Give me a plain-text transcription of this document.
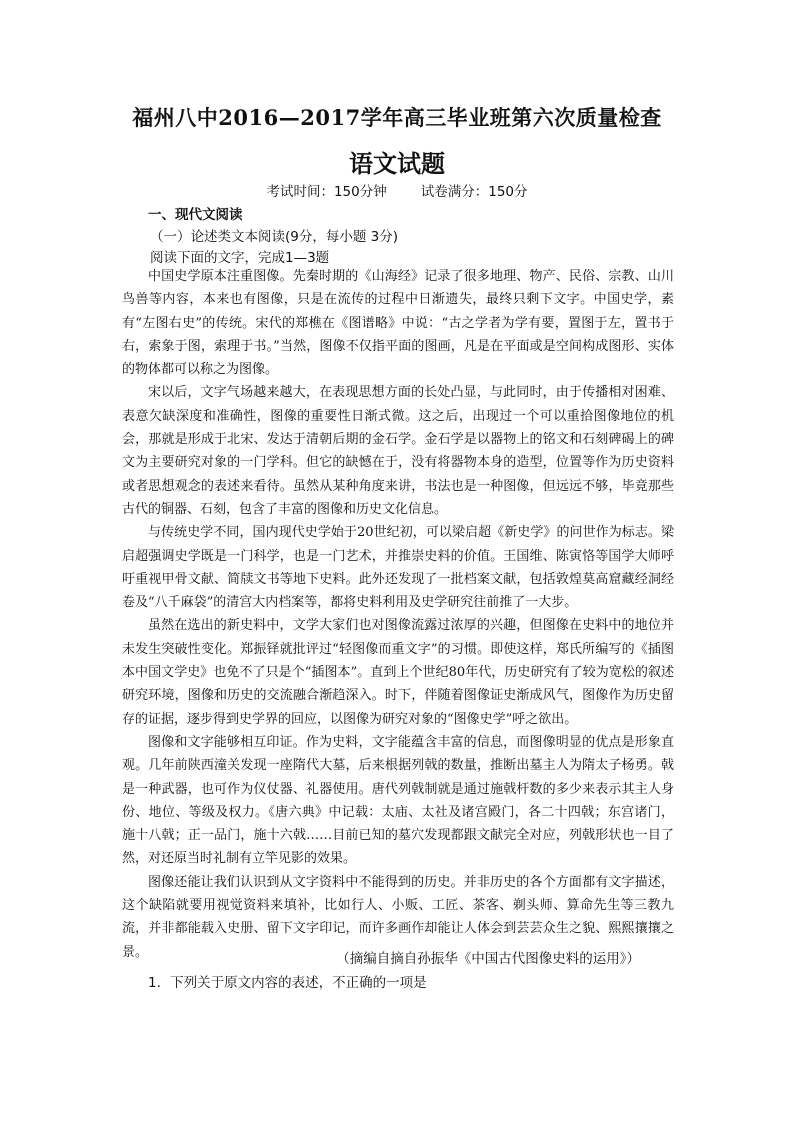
福州八中2016—2017学年高三毕业班第六次质量检查
语文试题
考试时间：150分钟	试卷满分：150分
一、现代文阅读
（一）论述类文本阅读(9分，每小题 3分)
阅读下面的文字，完成1—3题

中国史学原本注重图像。先秦时期的《山海经》记录了很多地理、物产、民俗、宗教、山川鸟兽等内容，本来也有图像，只是在流传的过程中日渐遗失，最终只剩下文字。中国史学，素有“左图右史”的传统。宋代的郑樵在《图谱略》中说：“古之学者为学有要，置图于左，置书于右，索象于图，索理于书。”当然，图像不仅指平面的图画，凡是在平面或是空间构成图形、实体的物体都可以称之为图像。

宋以后，文字气场越来越大，在表现思想方面的长处凸显，与此同时，由于传播相对困难、表意欠缺深度和准确性，图像的重要性日渐式微。这之后，出现过一个可以重拾图像地位的机会，那就是形成于北宋、发达于清朝后期的金石学。金石学是以器物上的铭文和石刻碑碣上的碑文为主要研究对象的一门学科。但它的缺憾在于，没有将器物本身的造型，位置等作为历史资料或者思想观念的表述来看待。虽然从某种角度来讲，书法也是一种图像，但远远不够，毕竟那些古代的铜器、石刻，包含了丰富的图像和历史文化信息。

与传统史学不同，国内现代史学始于20世纪初，可以梁启超《新史学》的问世作为标志。梁启超强调史学既是一门科学，也是一门艺术，并推崇史料的价值。王国维、陈寅恪等国学大师呼吁重视甲骨文献、简牍文书等地下史料。此外还发现了一批档案文献，包括敦煌莫高窟藏经洞经卷及“八千麻袋”的清宫大内档案等，都将史料利用及史学研究往前推了一大步。

虽然在选出的新史料中，文学大家们也对图像流露过浓厚的兴趣，但图像在史料中的地位并未发生突破性变化。郑振铎就批评过“轻图像而重文字”的习惯。即使这样，郑氏所编写的《插图本中国文学史》也免不了只是个“插图本”。直到上个世纪80年代，历史研究有了较为宽松的叙述研究环境，图像和历史的交流融合渐趋深入。时下，伴随着图像证史渐成风气，图像作为历史留存的证据，逐步得到史学界的回应，以图像为研究对象的“图像史学”呼之欲出。

图像和文字能够相互印证。作为史料，文字能蕴含丰富的信息，而图像明显的优点是形象直观。几年前陕西潼关发现一座隋代大墓，后来根据列戟的数量，推断出墓主人为隋太子杨勇。戟是一种武器，也可作为仪仗器、礼器使用。唐代列戟制就是通过施戟杆数的多少来表示其主人身份、地位、等级及权力。《唐六典》中记载：太庙、太社及诸宫殿门，各二十四戟；东宫诸门，施十八戟；正一品门，施十六戟……目前已知的墓穴发现都跟文献完全对应，列戟形状也一目了然，对还原当时礼制有立竿见影的效果。

图像还能让我们认识到从文字资料中不能得到的历史。并非历史的各个方面都有文字描述，这个缺陷就要用视觉资料来填补，比如行人、小贩、工匠、茶客、剃头师、算命先生等三教九流，并非都能载入史册、留下文字印记，而许多画作却能让人体会到芸芸众生之貌、熙熙攘攘之景。	（摘编自摘自孙振华《中国古代图像史料的运用》）
1．下列关于原文内容的表述，不正确的一项是
